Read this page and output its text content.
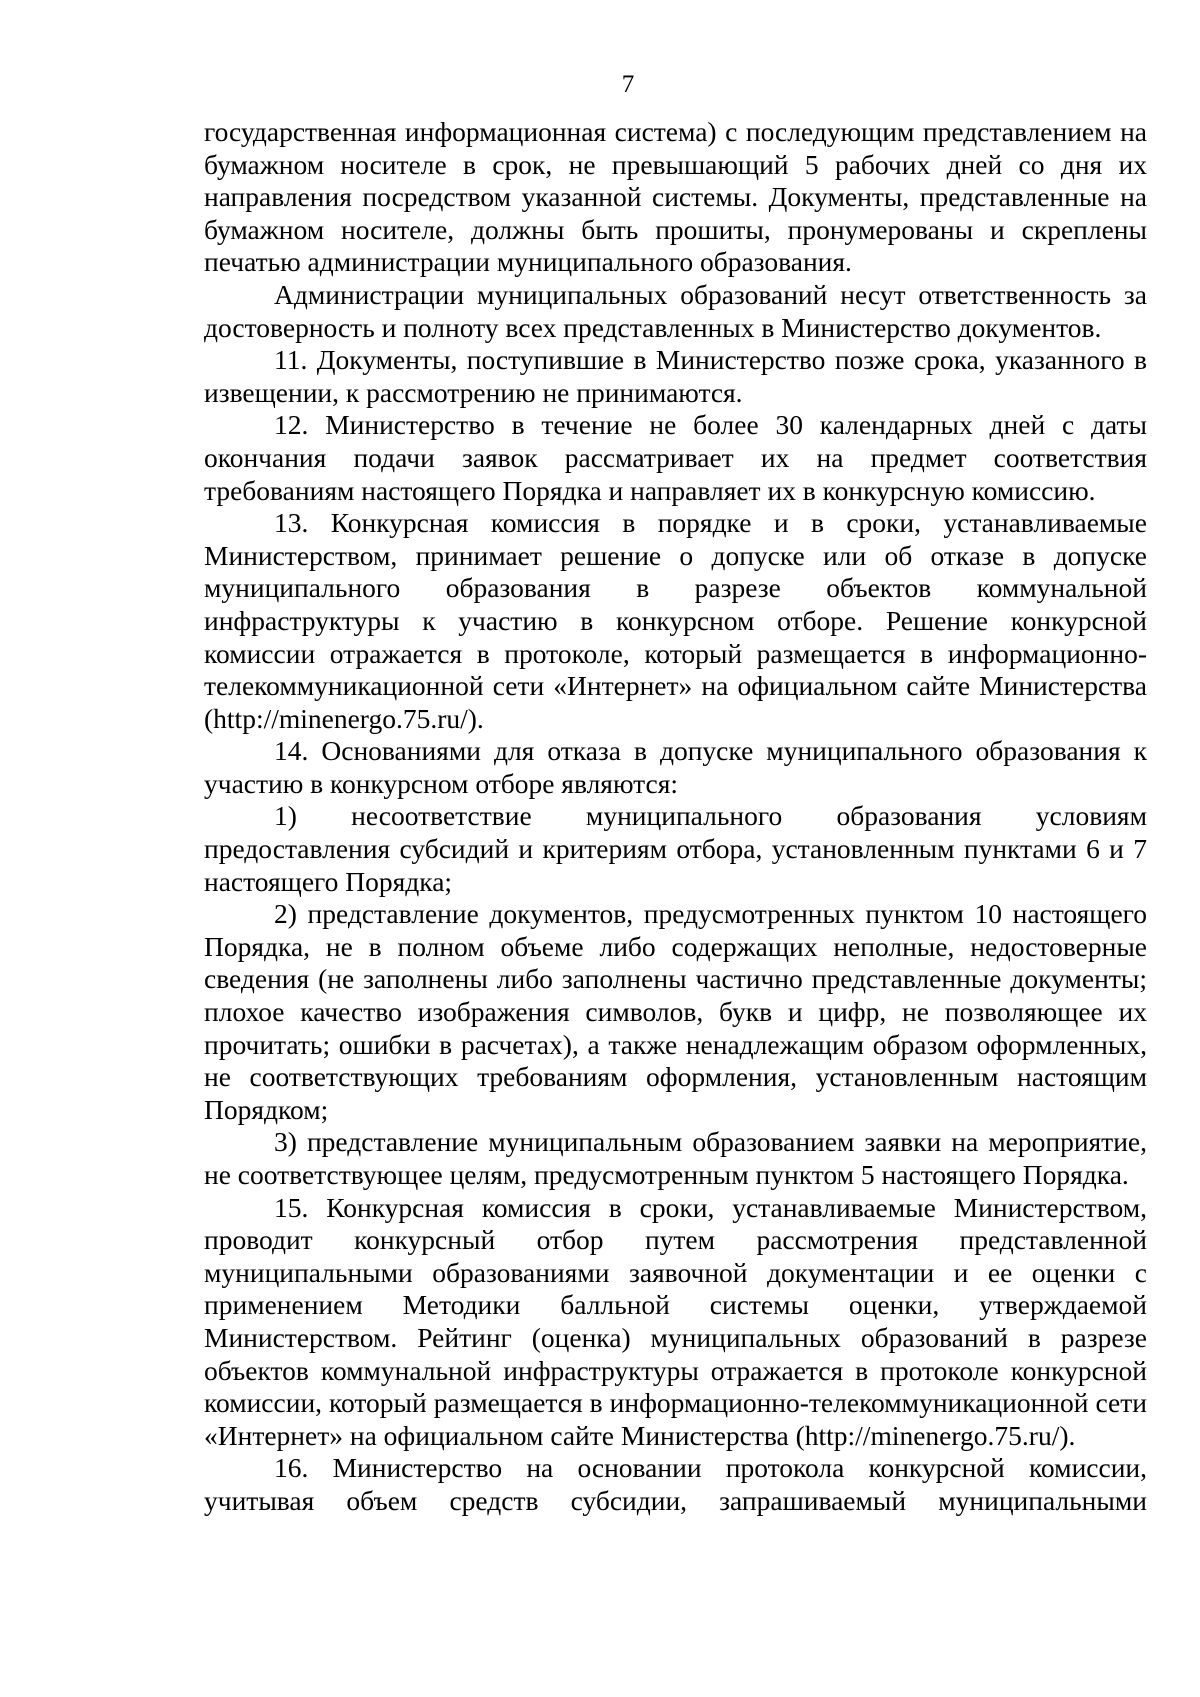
7

государственная информационная система) с последующим представлением на бумажном носителе в срок, не превышающий 5 рабочих дней со дня их направления посредством указанной системы. Документы, представленные на бумажном носителе, должны быть прошиты, пронумерованы и скреплены печатью администрации муниципального образования.

Администрации муниципальных образований несут ответственность за достоверность и полноту всех представленных в Министерство документов.

11. Документы, поступившие в Министерство позже срока, указанного в извещении, к рассмотрению не принимаются.

12. Министерство в течение не более 30 календарных дней с даты окончания подачи заявок рассматривает их на предмет соответствия требованиям настоящего Порядка и направляет их в конкурсную комиссию.

13. Конкурсная комиссия в порядке и в сроки, устанавливаемые Министерством, принимает решение о допуске или об отказе в допуске муниципального образования в разрезе объектов коммунальной инфраструктуры к участию в конкурсном отборе. Решение конкурсной комиссии отражается в протоколе, который размещается в информационно-телекоммуникационной сети «Интернет» на официальном сайте Министерства (http://minenergo.75.ru/).

14. Основаниями для отказа в допуске муниципального образования к участию в конкурсном отборе являются:

1) несоответствие муниципального образования условиям предоставления субсидий и критериям отбора, установленным пунктами 6 и 7 настоящего Порядка;

2) представление документов, предусмотренных пунктом 10 настоящего Порядка, не в полном объеме либо содержащих неполные, недостоверные сведения (не заполнены либо заполнены частично представленные документы; плохое качество изображения символов, букв и цифр, не позволяющее их прочитать; ошибки в расчетах), а также ненадлежащим образом оформленных, не соответствующих требованиям оформления, установленным настоящим Порядком;

3) представление муниципальным образованием заявки на мероприятие, не соответствующее целям, предусмотренным пунктом 5 настоящего Порядка.

15. Конкурсная комиссия в сроки, устанавливаемые Министерством, проводит конкурсный отбор путем рассмотрения представленной муниципальными образованиями заявочной документации и ее оценки с применением Методики балльной системы оценки, утверждаемой Министерством. Рейтинг (оценка) муниципальных образований в разрезе объектов коммунальной инфраструктуры отражается в протоколе конкурсной комиссии, который размещается в информационно-телекоммуникационной сети «Интернет» на официальном сайте Министерства (http://minenergo.75.ru/).

16. Министерство на основании протокола конкурсной комиссии, учитывая объем средств субсидии, запрашиваемый муниципальными
